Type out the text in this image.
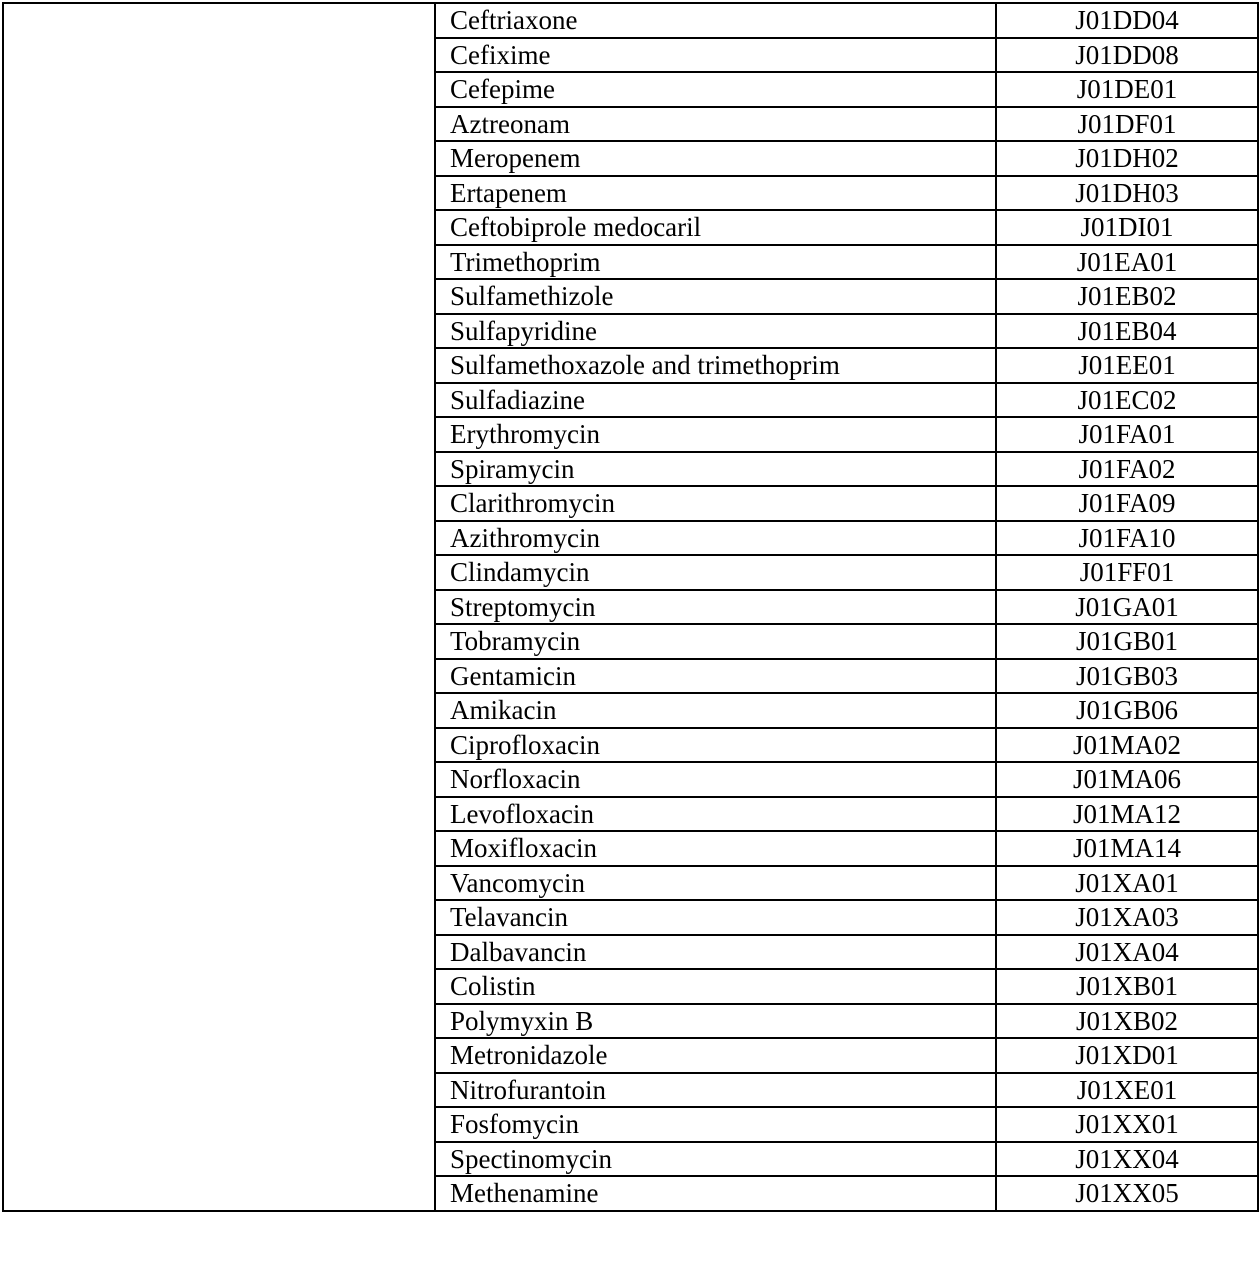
	Ceftriaxone	J01DD04
	Cefixime	J01DD08
	Cefepime	J01DE01
	Aztreonam	J01DF01
	Meropenem	J01DH02
	Ertapenem	J01DH03
	Ceftobiprole medocaril	J01DI01
	Trimethoprim	J01EA01
	Sulfamethizole	J01EB02
	Sulfapyridine	J01EB04
	Sulfamethoxazole and trimethoprim	J01EE01
	Sulfadiazine	J01EC02
	Erythromycin	J01FA01
	Spiramycin	J01FA02
	Clarithromycin	J01FA09
	Azithromycin	J01FA10
	Clindamycin	J01FF01
	Streptomycin	J01GA01
	Tobramycin	J01GB01
	Gentamicin	J01GB03
	Amikacin	J01GB06
	Ciprofloxacin	J01MA02
	Norfloxacin	J01MA06
	Levofloxacin	J01MA12
	Moxifloxacin	J01MA14
	Vancomycin	J01XA01
	Telavancin	J01XA03
	Dalbavancin	J01XA04
	Colistin	J01XB01
	Polymyxin B	J01XB02
	Metronidazole	J01XD01
	Nitrofurantoin	J01XE01
	Fosfomycin	J01XX01
	Spectinomycin	J01XX04
	Methenamine	J01XX05
